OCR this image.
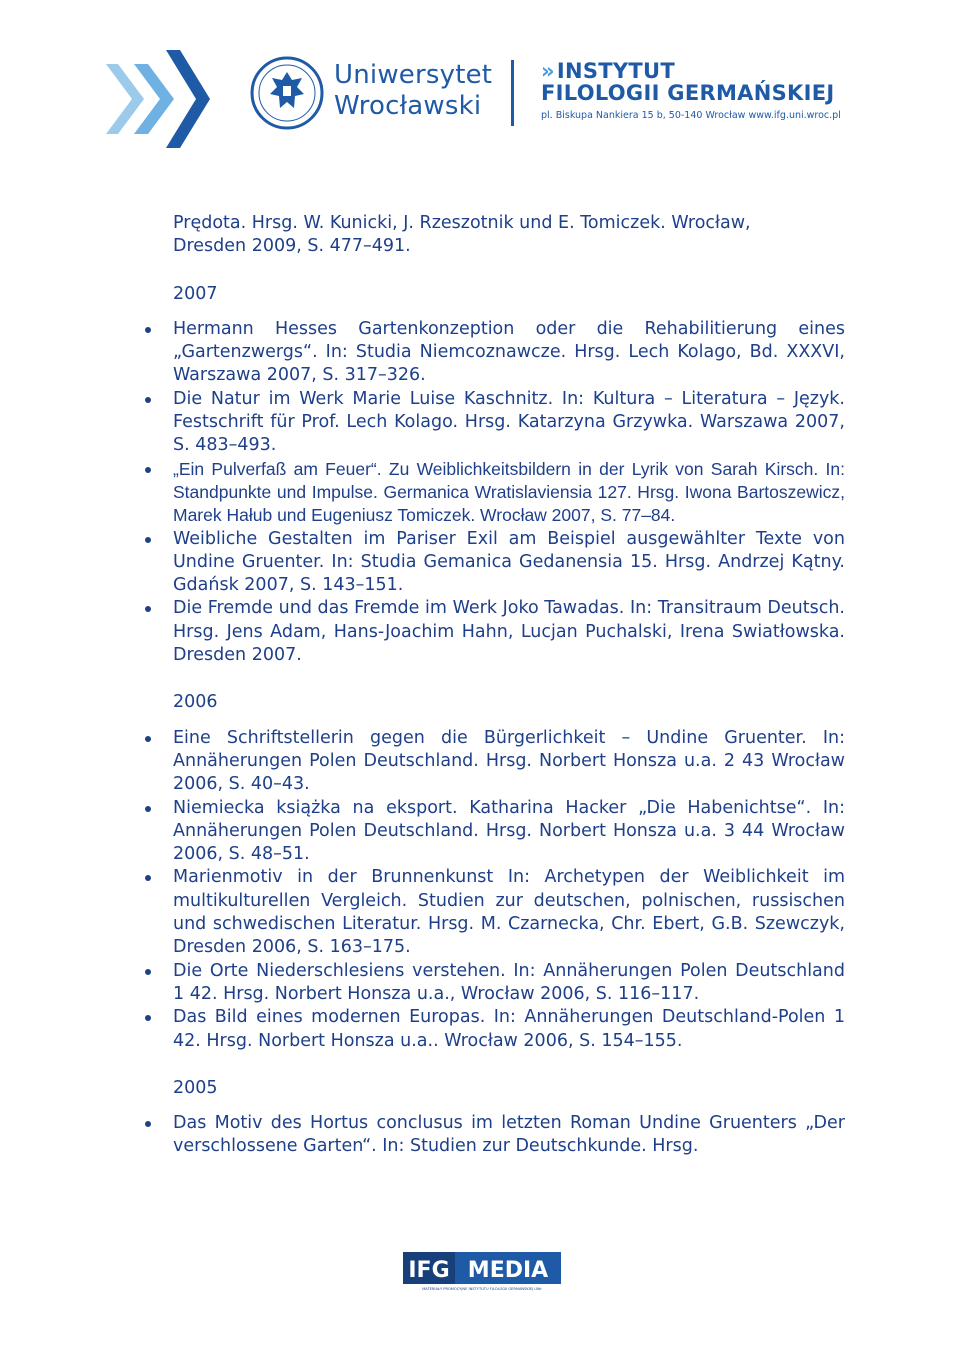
Uniwersytet
Wrocławski
»INSTYTUT
FILOLOGII GERMAŃSKIEJ
pl. Biskupa Nankiera 15 b, 50-140 Wrocław www.ifg.uni.wroc.pl

Prędota. Hrsg. W. Kunicki, J. Rzeszotnik und E. Tomiczek. Wrocław,

Dresden 2009, S. 477–491.

2007

Hermann Hesses Gartenkonzeption oder die Rehabilitierung eines „Gartenzwergs“. In: Studia Niemcoznawcze. Hrsg. Lech Kolago, Bd. XXXVI, Warszawa 2007, S. 317–326.
Die Natur im Werk Marie Luise Kaschnitz. In: Kultura – Literatura – Język. Festschrift für Prof. Lech Kolago. Hrsg. Katarzyna Grzywka. Warszawa 2007, S. 483–493.
„Ein Pulverfaß am Feuer“. Zu Weiblichkeitsbildern in der Lyrik von Sarah Kirsch. In: Standpunkte und Impulse. Germanica Wratislaviensia 127. Hrsg. Iwona Bartoszewicz, Marek Hałub und Eugeniusz Tomiczek. Wrocław 2007, S. 77–84.
Weibliche Gestalten im Pariser Exil am Beispiel ausgewählter Texte von Undine Gruenter. In: Studia Gemanica Gedanensia 15. Hrsg. Andrzej Kątny. Gdańsk 2007, S. 143–151.
Die Fremde und das Fremde im Werk Joko Tawadas. In: Transitraum Deutsch. Hrsg. Jens Adam, Hans-Joachim Hahn, Lucjan Puchalski, Irena Swiatłowska. Dresden 2007.

2006

Eine Schriftstellerin gegen die Bürgerlichkeit – Undine Gruenter. In: Annäherungen Polen Deutschland. Hrsg. Norbert Honsza u.a. 2 43 Wrocław 2006, S. 40–43.
Niemiecka książka na eksport. Katharina Hacker „Die Habenichtse“. In: Annäherungen Polen Deutschland. Hrsg. Norbert Honsza u.a. 3 44 Wrocław 2006, S. 48–51.
Marienmotiv in der Brunnenkunst In: Archetypen der Weiblichkeit im multikulturellen Vergleich. Studien zur deutschen, polnischen, russischen und schwedischen Literatur. Hrsg. M. Czarnecka, Chr. Ebert, G.B. Szewczyk, Dresden 2006, S. 163–175.
Die Orte Niederschlesiens verstehen. In: Annäherungen Polen Deutschland 1 42. Hrsg. Norbert Honsza u.a., Wrocław 2006, S. 116–117.
Das Bild eines modernen Europas. In: Annäherungen Deutschland-Polen 1 42. Hrsg. Norbert Honsza u.a.. Wrocław 2006, S. 154–155.

2005

Das Motiv des Hortus conclusus im letzten Roman Undine Gruenters „Der verschlossene Garten“. In: Studien zur Deutschkunde. Hrsg.
IFG MEDIA
MATERIAŁY PROMOCYJNE INSTYTUTU FILOLOGII GERMAŃSKIEJ UWr
